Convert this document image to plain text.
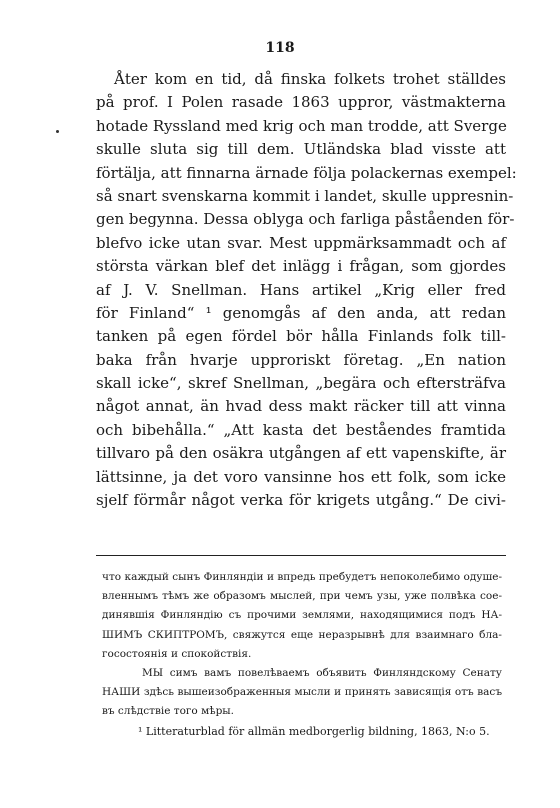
118
Åter kom en tid, då finska folkets trohet ställdes
på prof. I Polen rasade 1863 uppror, västmakterna
hotade Ryssland med krig och man trodde, att Sverge
skulle sluta sig till dem. Utländska blad visste att
förtälja, att finnarna ärnade följa polackernas exempel:
så snart svenskarna kommit i landet, skulle uppresnin-
gen begynna. Dessa oblyga och farliga påståenden för-
blefvo icke utan svar. Mest uppmärksammadt och af
största värkan blef det inlägg i frågan, som gjordes
af J. V. Snellman. Hans artikel „Krig eller fred
för Finland“ ¹ genomgås af den anda, att redan
tanken på egen fördel bör hålla Finlands folk till-
baka från hvarje upproriskt företag. „En nation
skall icke“, skref Snellman, „begära och eftersträfva
något annat, än hvad dess makt räcker till att vinna
och bibehålla.“ „Att kasta det beståendes framtida
tillvaro på den osäkra utgången af ett vapenskifte, är
lättsinne, ja det voro vansinne hos ett folk, som icke
sjelf förmår något verka för krigets utgång.“ De civi-
что каждый сынъ Финляндіи и впредь пребудетъ непоколебимо одуше-
вленнымъ тѣмъ же образомъ мыслей, при чемъ узы, уже полвѣка сое-
динявшія Финляндію съ прочими землями, находящимися подъ НА-
ШИМЪ СКИПТРОМЪ, свяжутся еще неразрывнѣ для взаимнаго бла-
госостоянія и спокойствія.
МЫ симъ вамъ повелѣваемъ объявить Финляндскому Сенату
НАШИ здѣсь вышеизображенныя мысли и принять зависящія отъ васъ
въ слѣдствіе того мѣры.
¹ Litteraturblad för allmän medborgerlig bildning, 1863, N:o 5.
